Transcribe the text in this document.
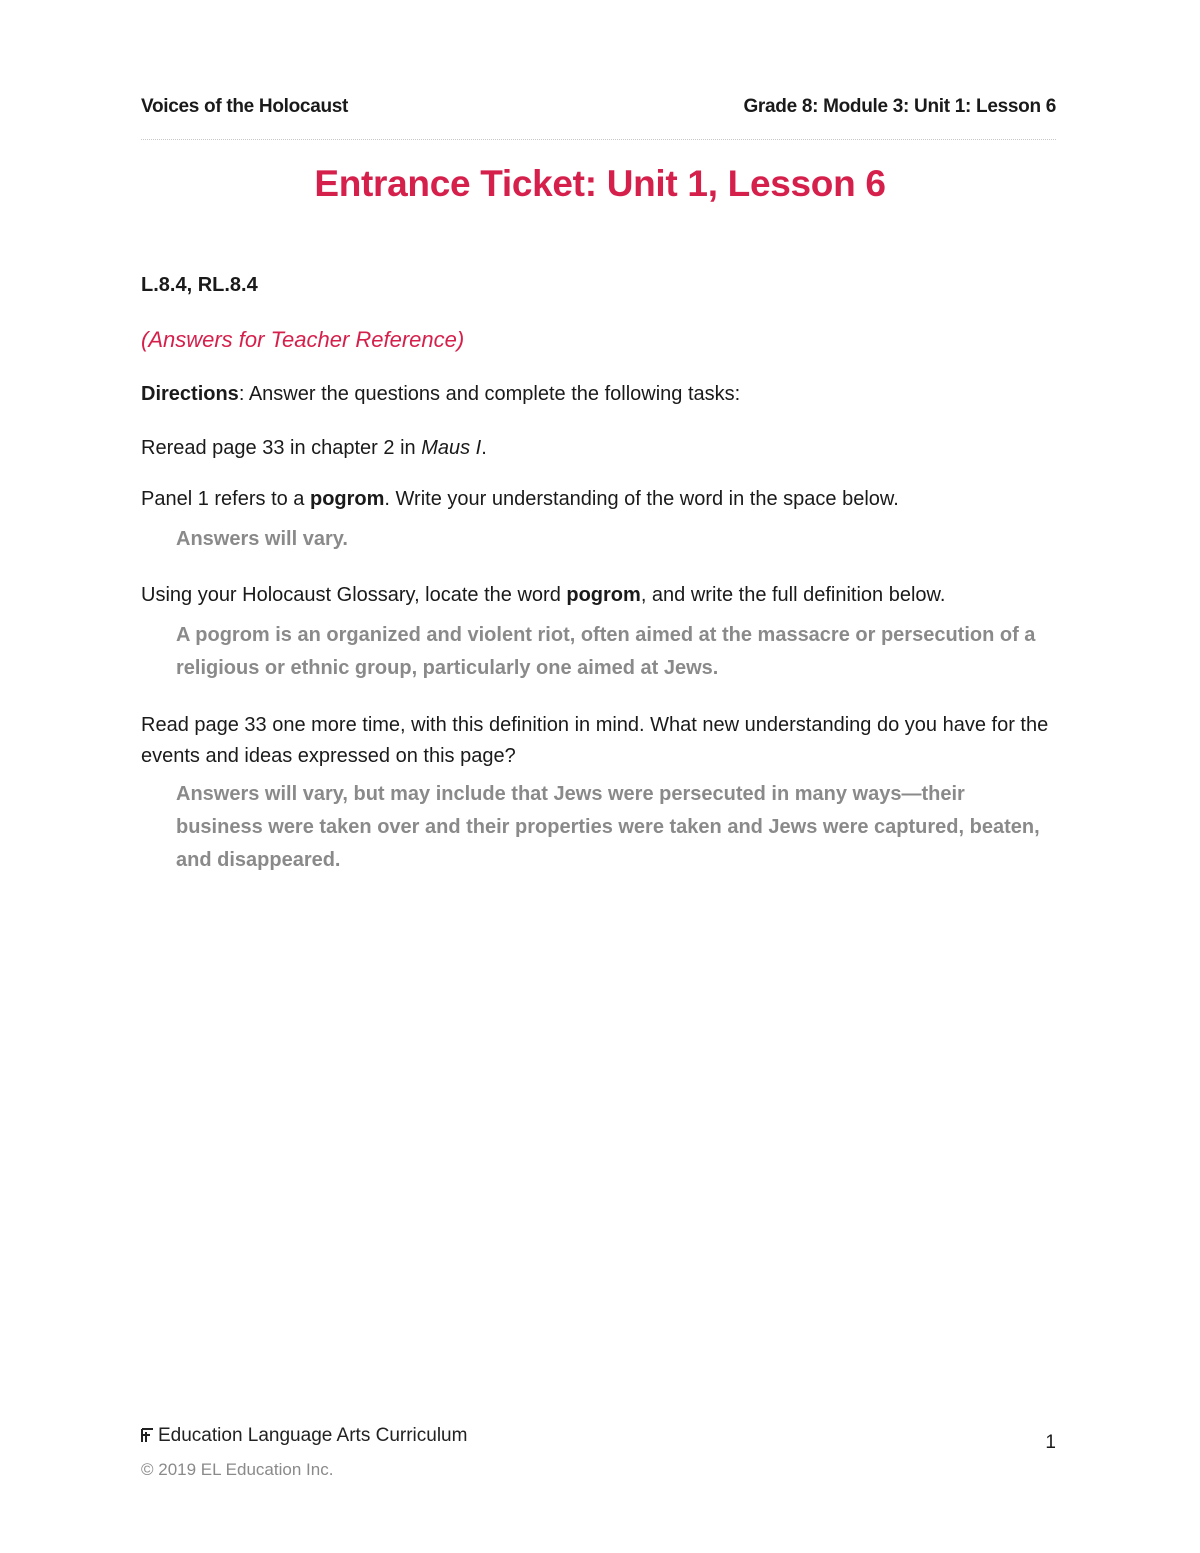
Voices of the Holocaust	Grade 8: Module 3: Unit 1: Lesson 6
Entrance Ticket: Unit 1, Lesson 6

L.8.4, RL.8.4

(Answers for Teacher Reference)

Directions: Answer the questions and complete the following tasks:

Reread page 33 in chapter 2 in Maus I.

Panel 1 refers to a pogrom. Write your understanding of the word in the space below.

Answers will vary.

Using your Holocaust Glossary, locate the word pogrom, and write the full definition below.

A pogrom is an organized and violent riot, often aimed at the massacre or persecution of a religious or ethnic group, particularly one aimed at Jews.

Read page 33 one more time, with this definition in mind. What new understanding do you have for the events and ideas expressed on this page?

Answers will vary, but may include that Jews were persecuted in many ways—their business were taken over and their properties were taken and Jews were captured, beaten, and disappeared.

Education Language Arts Curriculum
© 2019 EL Education Inc.
1
